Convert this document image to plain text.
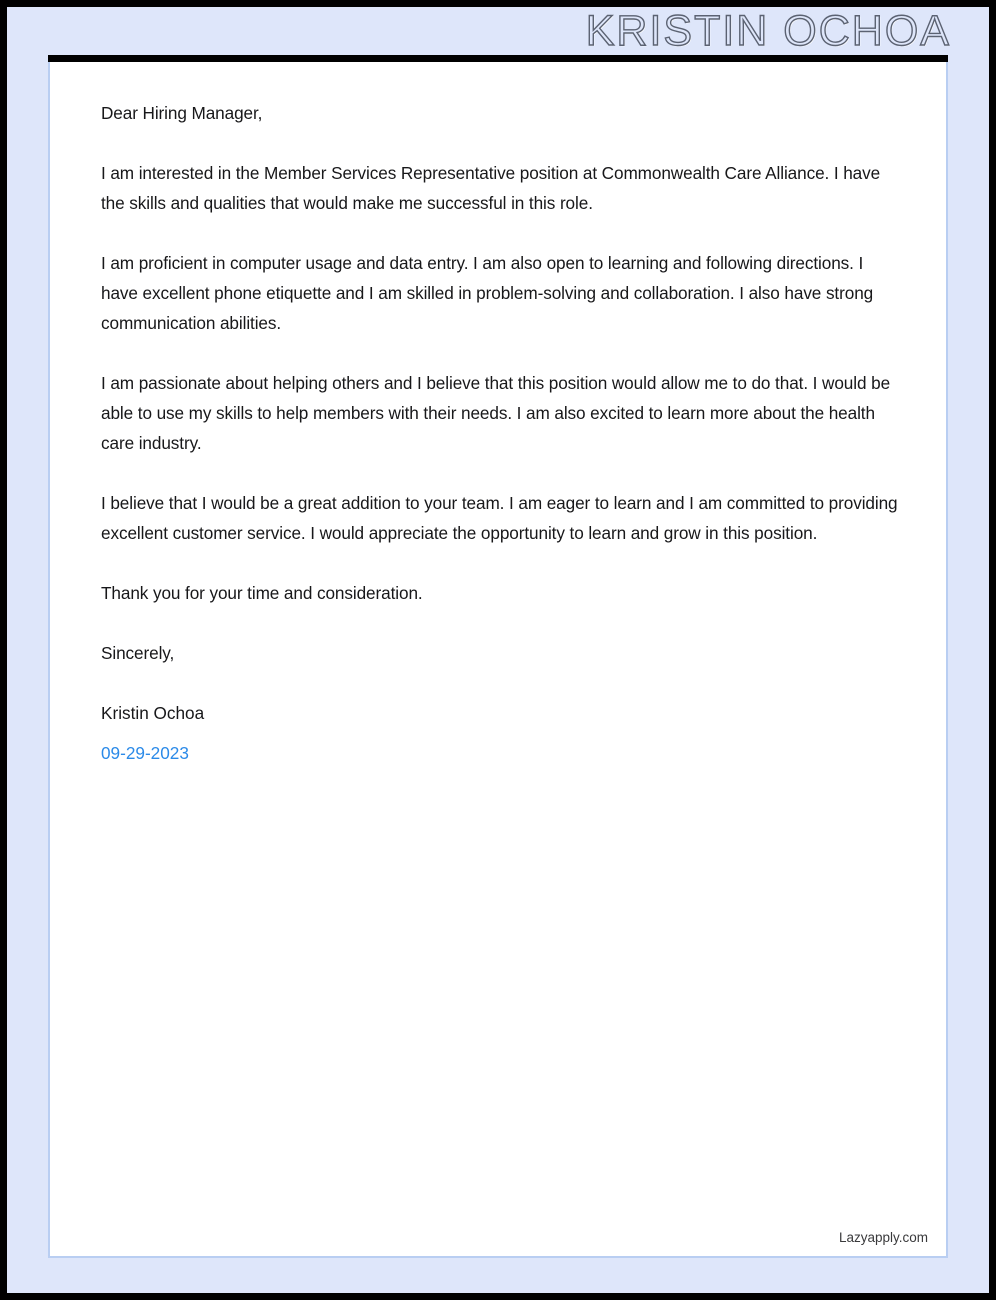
KRISTIN OCHOA

Dear Hiring Manager,

I am interested in the Member Services Representative position at Commonwealth Care Alliance. I have the skills and qualities that would make me successful in this role.

I am proficient in computer usage and data entry. I am also open to learning and following directions. I have excellent phone etiquette and I am skilled in problem-solving and collaboration. I also have strong communication abilities.

I am passionate about helping others and I believe that this position would allow me to do that. I would be able to use my skills to help members with their needs. I am also excited to learn more about the health care industry.

I believe that I would be a great addition to your team. I am eager to learn and I am committed to providing excellent customer service. I would appreciate the opportunity to learn and grow in this position.

Thank you for your time and consideration.

Sincerely,

Kristin Ochoa

09-29-2023

Lazyapply.com
